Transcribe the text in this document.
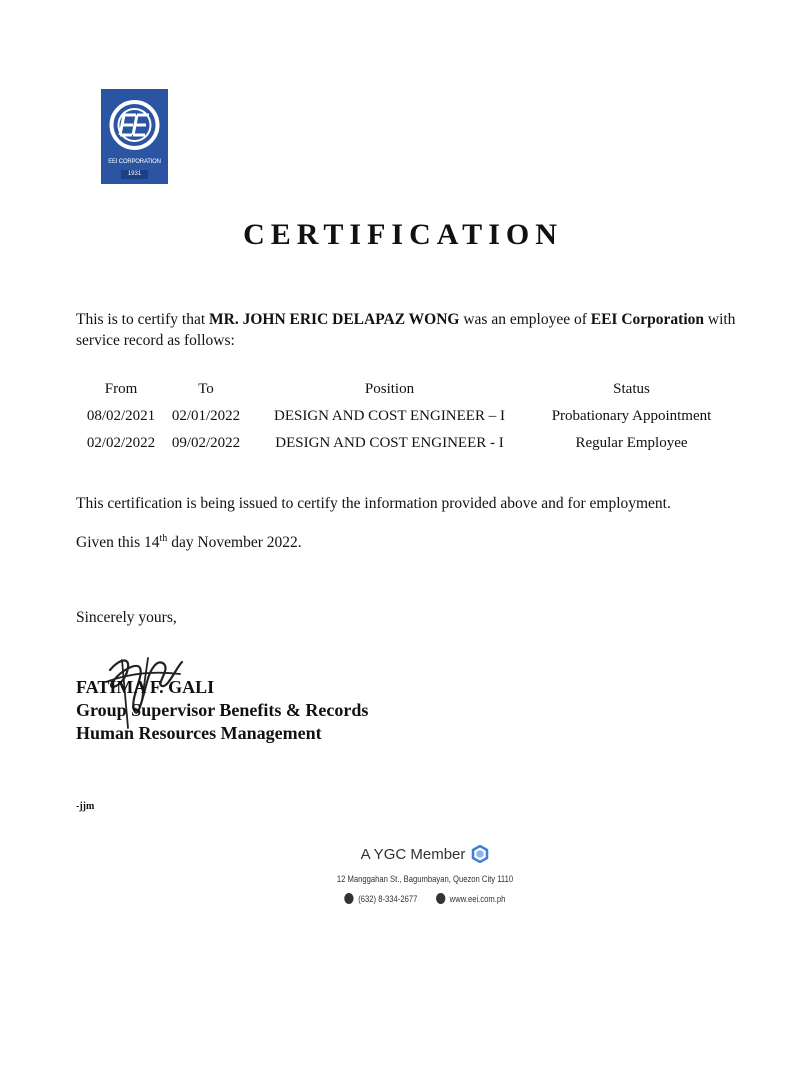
EEI CORPORATION
1931
CERTIFICATION
This is to certify that MR. JOHN ERIC DELAPAZ WONG was an employee of EEI Corporation with service record as follows:
From	To	Position	Status
08/02/2021	02/01/2022	DESIGN AND COST ENGINEER – I	Probationary Appointment
02/02/2022	09/02/2022	DESIGN AND COST ENGINEER - I	Regular Employee
This certification is being issued to certify the information provided above and for employment.
Given this 14th day November 2022.
Sincerely yours,
FATIMA F. GALI
Group Supervisor Benefits & Records
Human Resources Management
-jjm
A YGC Member
12 Manggahan St., Bagumbayan, Quezon City 1110
(632) 8-334-2677	www.eei.com.ph
